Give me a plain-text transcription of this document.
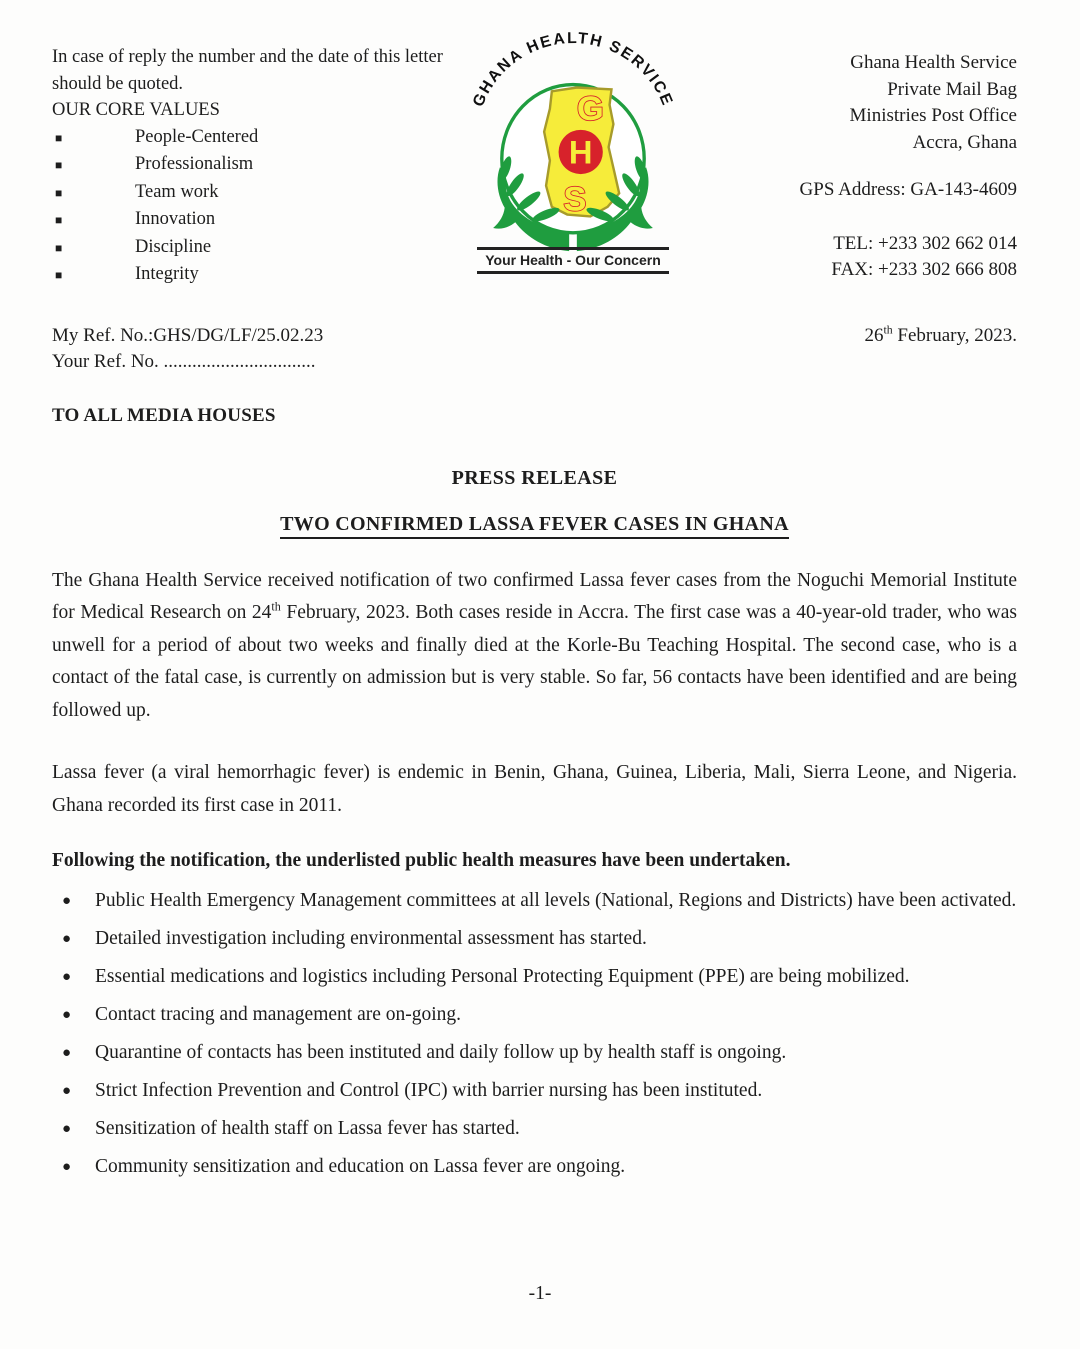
In case of reply the number and the date of this letter should be quoted.
OUR CORE VALUES
■	People-Centered
■	Professionalism
■	Team work
■	Innovation
■	Discipline
■	Integrity
GHANA HEALTH SERVICE
G
H
S
Your Health - Our Concern
Ghana Health Service
Private Mail Bag
Ministries Post Office
Accra, Ghana
GPS Address: GA-143-4609
TEL: +233 302 662 014
FAX: +233 302 666 808
My Ref. No.:GHS/DG/LF/25.02.23	26th February, 2023.
Your Ref. No. ................................
TO ALL MEDIA HOUSES
PRESS RELEASE

TWO CONFIRMED LASSA FEVER CASES IN GHANA

The Ghana Health Service received notification of two confirmed Lassa fever cases from the Noguchi Memorial Institute for Medical Research on 24th February, 2023. Both cases reside in Accra. The first case was a 40-year-old trader, who was unwell for a period of about two weeks and finally died at the Korle-Bu Teaching Hospital. The second case, who is a contact of the fatal case, is currently on admission but is very stable. So far, 56 contacts have been identified and are being followed up.

Lassa fever (a viral hemorrhagic fever) is endemic in Benin, Ghana, Guinea, Liberia, Mali, Sierra Leone, and Nigeria. Ghana recorded its first case in 2011.

Following the notification, the underlisted public health measures have been undertaken.
●	Public Health Emergency Management committees at all levels (National, Regions and Districts) have been activated.
●	Detailed investigation including environmental assessment has started.
●	Essential medications and logistics including Personal Protecting Equipment (PPE) are being mobilized.
●	Contact tracing and management are on-going.
●	Quarantine of contacts has been instituted and daily follow up by health staff is ongoing.
●	Strict Infection Prevention and Control (IPC) with barrier nursing has been instituted.
●	Sensitization of health staff on Lassa fever has started.
●	Community sensitization and education on Lassa fever are ongoing.
-1-
